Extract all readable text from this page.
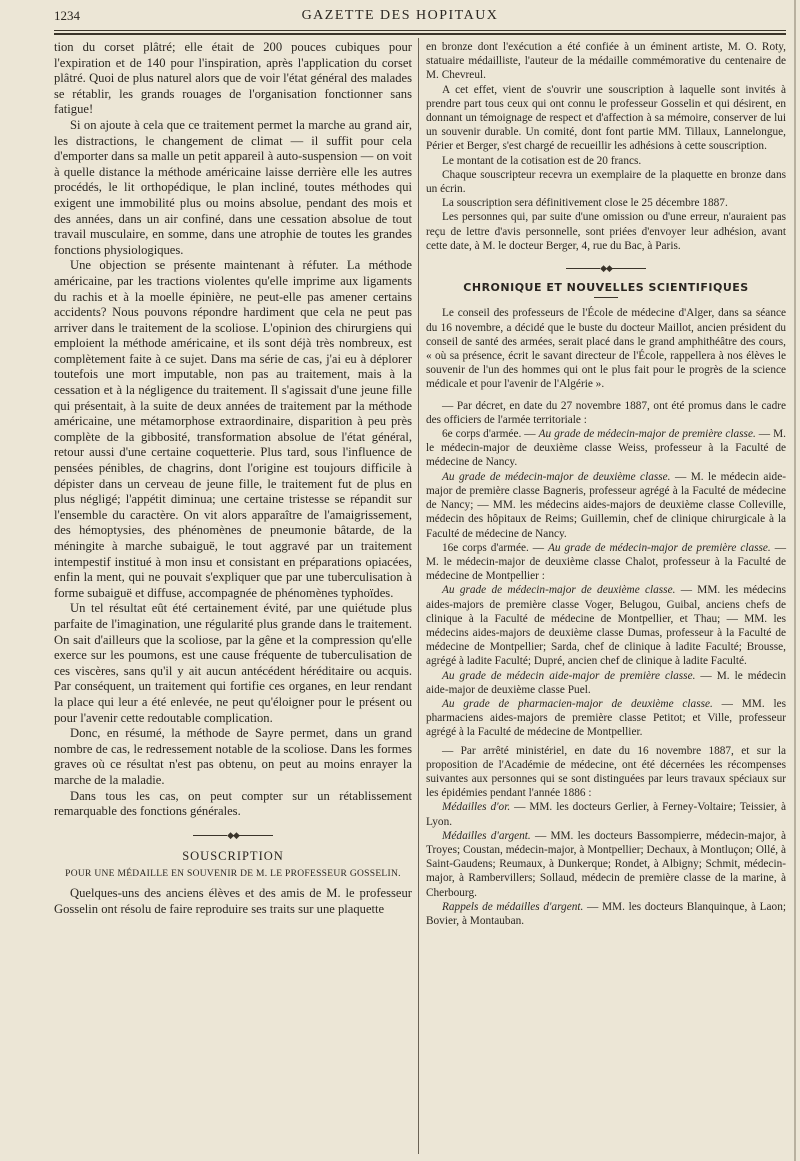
1234	GAZETTE DES HOPITAUX

tion du corset plâtré; elle était de 200 pouces cubiques pour l'expiration et de 140 pour l'inspiration, après l'application du corset plâtré. Quoi de plus naturel alors que de voir l'état général des malades se rétablir, les grands rouages de l'organisation fonctionner sans fatigue!

Si on ajoute à cela que ce traitement permet la marche au grand air, les distractions, le changement de climat — il suffit pour cela d'emporter dans sa malle un petit appareil à auto-suspension — on voit à quelle distance la méthode américaine laisse derrière elle les autres procédés, le lit orthopédique, le plan incliné, toutes méthodes qui exigent une immobilité plus ou moins absolue, pendant des mois et des années, dans un air confiné, dans une cessation absolue de tout travail musculaire, en somme, dans une atrophie de toutes les grandes fonctions physiologiques.

Une objection se présente maintenant à réfuter. La méthode américaine, par les tractions violentes qu'elle imprime aux ligaments du rachis et à la moelle épinière, ne peut-elle pas amener certains accidents? Nous pouvons répondre hardiment que cela ne peut pas arriver dans le traitement de la scoliose. L'opinion des chirurgiens qui emploient la méthode américaine, et ils sont déjà très nombreux, est complètement faite à ce sujet. Dans ma série de cas, j'ai eu à déplorer toutefois une mort imputable, non pas au traitement, mais à la cessation et à la négligence du traitement. Il s'agissait d'une jeune fille qui présentait, à la suite de deux années de traitement par la méthode américaine, une métamorphose extraordinaire, disparition à peu près complète de la gibbosité, transformation absolue de l'état général, retour aussi d'une certaine coquetterie. Plus tard, sous l'influence de pensées pénibles, de chagrins, dont l'origine est toujours difficile à dépister dans un cerveau de jeune fille, le traitement fut de plus en plus négligé; l'appétit diminua; une certaine tristesse se répandit sur l'ensemble du caractère. On vit alors apparaître de l'amaigrissement, des hémoptysies, des phénomènes de pneumonie bâtarde, de la méningite à marche subaiguë, le tout aggravé par un traitement intempestif institué à mon insu et consistant en préparations opiacées, enfin la ment, qui ne pouvait s'expliquer que par une tuberculisation à forme subaiguë et diffuse, accompagnée de phénomènes typhoïdes.

Un tel résultat eût été certainement évité, par une quiétude plus parfaite de l'imagination, une régularité plus grande dans le traitement. On sait d'ailleurs que la scoliose, par la gêne et la compression qu'elle exerce sur les poumons, est une cause fréquente de tuberculisation de ces viscères, sans qu'il y ait aucun antécédent héréditaire ou acquis. Par conséquent, un traitement qui fortifie ces organes, en leur rendant la place qui leur a été enlevée, ne peut qu'éloigner pour le présent ou pour l'avenir cette redoutable complication.

Donc, en résumé, la méthode de Sayre permet, dans un grand nombre de cas, le redressement notable de la scoliose. Dans les formes graves où ce résultat n'est pas obtenu, on peut au moins enrayer la marche de la maladie.

Dans tous les cas, on peut compter sur un rétablissement remarquable des fonctions générales.

◆◆
SOUSCRIPTION
POUR UNE MÉDAILLE EN SOUVENIR DE M. LE PROFESSEUR GOSSELIN.

Quelques-uns des anciens élèves et des amis de M. le professeur Gosselin ont résolu de faire reproduire ses traits sur une plaquette

en bronze dont l'exécution a été confiée à un éminent artiste, M. O. Roty, statuaire médailliste, l'auteur de la médaille commémorative du centenaire de M. Chevreul.

A cet effet, vient de s'ouvrir une souscription à laquelle sont invités à prendre part tous ceux qui ont connu le professeur Gosselin et qui désirent, en donnant un témoignage de respect et d'affection à sa mémoire, conserver de lui un souvenir durable. Un comité, dont font partie MM. Tillaux, Lannelongue, Périer et Berger, s'est chargé de recueillir les adhésions à cette souscription.

Le montant de la cotisation est de 20 francs.

Chaque souscripteur recevra un exemplaire de la plaquette en bronze dans un écrin.

La souscription sera définitivement close le 25 décembre 1887.

Les personnes qui, par suite d'une omission ou d'une erreur, n'auraient pas reçu de lettre d'avis personnelle, sont priées d'envoyer leur adhésion, avant cette date, à M. le docteur Berger, 4, rue du Bac, à Paris.

◆◆
CHRONIQUE ET NOUVELLES SCIENTIFIQUES

Le conseil des professeurs de l'École de médecine d'Alger, dans sa séance du 16 novembre, a décidé que le buste du docteur Maillot, ancien président du conseil de santé des armées, serait placé dans le grand amphithéâtre des cours, « où sa présence, écrit le savant directeur de l'École, rappellera à nos élèves le souvenir de l'un des hommes qui ont le plus fait pour le progrès de la science médicale et pour l'avenir de l'Algérie ».

— Par décret, en date du 27 novembre 1887, ont été promus dans le cadre des officiers de l'armée territoriale :

6e corps d'armée. — Au grade de médecin-major de première classe. — M. le médecin-major de deuxième classe Weiss, professeur à la Faculté de médecine de Nancy.

Au grade de médecin-major de deuxième classe. — M. le médecin aide-major de première classe Bagneris, professeur agrégé à la Faculté de médecine de Nancy; — MM. les médecins aides-majors de deuxième classe Colleville, médecin des hôpitaux de Reims; Guillemin, chef de clinique chirurgicale à la Faculté de médecine de Nancy.

16e corps d'armée. — Au grade de médecin-major de première classe. — M. le médecin-major de deuxième classe Chalot, professeur à la Faculté de médecine de Montpellier :

Au grade de médecin-major de deuxième classe. — MM. les médecins aides-majors de première classe Voger, Belugou, Guibal, anciens chefs de clinique à la Faculté de médecine de Montpellier, et Thau; — MM. les médecins aides-majors de deuxième classe Dumas, professeur à la Faculté de médecine de Montpellier; Sarda, chef de clinique à ladite Faculté; Brousse, agrégé à ladite Faculté; Dupré, ancien chef de clinique à ladite Faculté.

Au grade de médecin aide-major de première classe. — M. le médecin aide-major de deuxième classe Puel.

Au grade de pharmacien-major de deuxième classe. — MM. les pharmaciens aides-majors de première classe Petitot; et Ville, professeur agrégé à la Faculté de médecine de Montpellier.

— Par arrêté ministériel, en date du 16 novembre 1887, et sur la proposition de l'Académie de médecine, ont été décernées les récompenses suivantes aux personnes qui se sont distinguées par leurs travaux spéciaux sur les épidémies pendant l'année 1886 :

Médailles d'or. — MM. les docteurs Gerlier, à Ferney-Voltaire; Teissier, à Lyon.

Médailles d'argent. — MM. les docteurs Bassompierre, médecin-major, à Troyes; Coustan, médecin-major, à Montpellier; Dechaux, à Montluçon; Ollé, à Saint-Gaudens; Reumaux, à Dunkerque; Rondet, à Albigny; Schmit, médecin-major, à Rambervillers; Sollaud, médecin de première classe de la marine, à Cherbourg.

Rappels de médailles d'argent. — MM. les docteurs Blanquinque, à Laon; Bovier, à Montauban.
